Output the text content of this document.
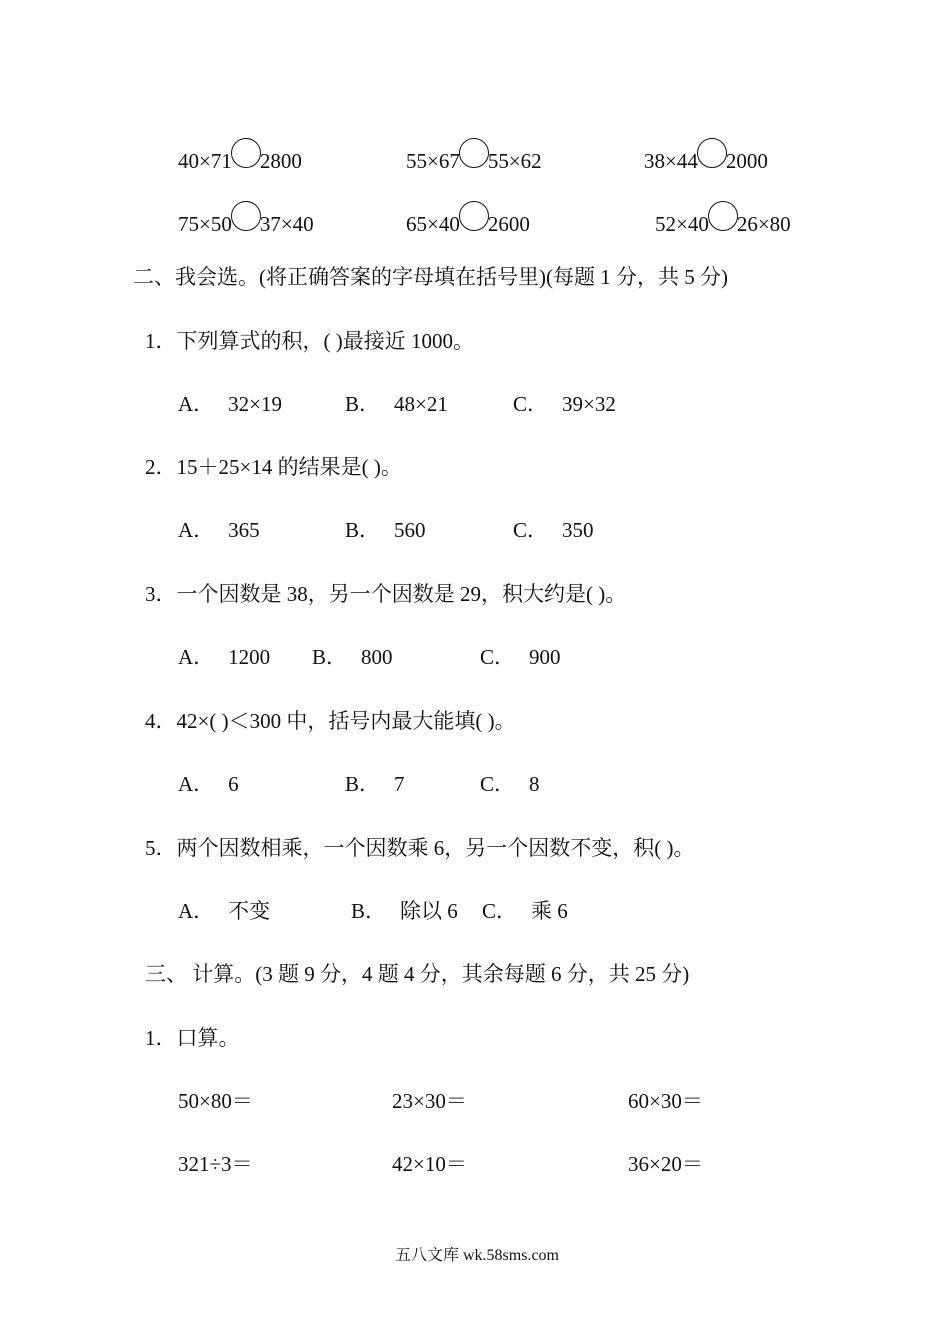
40×71 2800	55×67 55×62	38×44 2000
75×50 37×40	65×40 2600	52×40 26×80
二、我会选。(将正确答案的字母填在括号里)(每题 1 分，共 5 分)
1．下列算式的积，( )最接近 1000。
A． 32×19	B． 48×21	C． 39×32
2．15＋25×14 的结果是( )。
A． 365	B． 560	C． 350
3．一个因数是 38，另一个因数是 29，积大约是( )。
A． 1200 B． 800	C． 900
4．42×( )＜300 中，括号内最大能填( )。
A． 6	B． 7	C． 8
5．两个因数相乘，一个因数乘 6，另一个因数不变，积( )。
A． 不变	B． 除以 6 C． 乘 6
三、 计算。(3 题 9 分，4 题 4 分，其余每题 6 分，共 25 分)
1．口算。
50×80＝	23×30＝	60×30＝
321÷3＝	42×10＝	36×20＝
五八文库 wk.58sms.com
